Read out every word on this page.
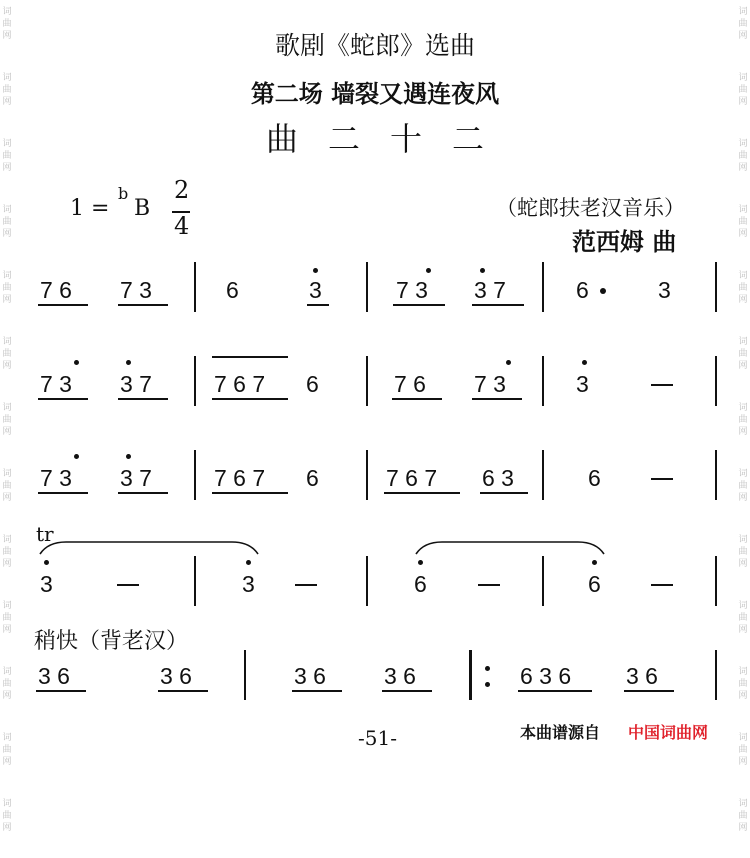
词
曲
网
词
曲
网
词
曲
网
词
曲
网
词
曲
网
词
曲
网
词
曲
网
词
曲
网
词
曲
网
词
曲
网
词
曲
网
词
曲
网
词
曲
网
词
曲
网
词
曲
网
词
曲
网
词
曲
网
词
曲
网
词
曲
网
词
曲
网
词
曲
网
词
曲
网
词
曲
网
词
曲
网
词
曲
网
词
曲
网
歌剧《蛇郎》选曲
第二场 墙裂又遇连夜风
曲二十二
1 =
b
B
2
4
（蛇郎扶老汉音乐）
范西姆 曲
7 6 7 3	6	3	7 3 3 7	6	3
7 3 3 7	7 6 7 6	7 6 7 3	3
7 3 3 7	7 6 7 6	7 6 7 6 3	6
tr
3	3	6	6
稍快（背老汉）
3 6	3 6	3 6	3 6	6 3 6 3 6
-51-	本曲谱源自 中国词曲网
